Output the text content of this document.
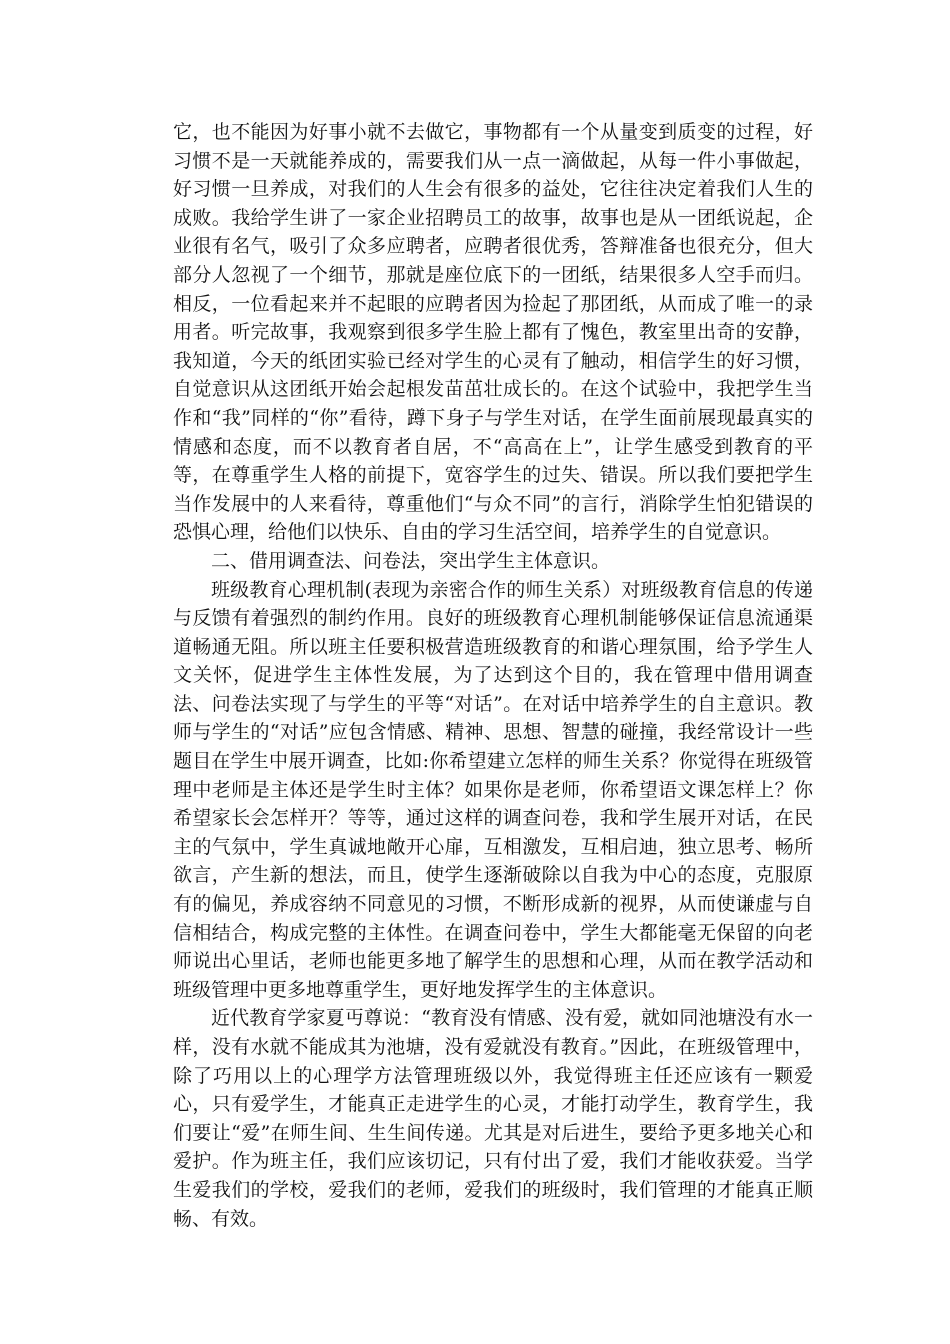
它，也不能因为好事小就不去做它，事物都有一个从量变到质变的过程，好习惯不是一天就能养成的，需要我们从一点一滴做起，从每一件小事做起，好习惯一旦养成，对我们的人生会有很多的益处，它往往决定着我们人生的成败。我给学生讲了一家企业招聘员工的故事，故事也是从一团纸说起，企业很有名气，吸引了众多应聘者，应聘者很优秀，答辩准备也很充分，但大部分人忽视了一个细节，那就是座位底下的一团纸，结果很多人空手而归。相反，一位看起来并不起眼的应聘者因为捡起了那团纸，从而成了唯一的录用者。听完故事，我观察到很多学生脸上都有了愧色，教室里出奇的安静，我知道，今天的纸团实验已经对学生的心灵有了触动，相信学生的好习惯，自觉意识从这团纸开始会起根发苗茁壮成长的。在这个试验中，我把学生当作和“我”同样的“你”看待，蹲下身子与学生对话，在学生面前展现最真实的情感和态度，而不以教育者自居，不“高高在上”，让学生感受到教育的平等，在尊重学生人格的前提下，宽容学生的过失、错误。所以我们要把学生当作发展中的人来看待，尊重他们“与众不同”的言行，消除学生怕犯错误的恐惧心理，给他们以快乐、自由的学习生活空间，培养学生的自觉意识。

二、借用调查法、问卷法，突出学生主体意识。

班级教育心理机制(表现为亲密合作的师生关系）对班级教育信息的传递与反馈有着强烈的制约作用。良好的班级教育心理机制能够保证信息流通渠道畅通无阻。所以班主任要积极营造班级教育的和谐心理氛围，给予学生人文关怀，促进学生主体性发展，为了达到这个目的，我在管理中借用调查法、问卷法实现了与学生的平等“对话”。在对话中培养学生的自主意识。教师与学生的“对话”应包含情感、精神、思想、智慧的碰撞，我经常设计一些题目在学生中展开调查，比如:你希望建立怎样的师生关系？你觉得在班级管理中老师是主体还是学生时主体？如果你是老师，你希望语文课怎样上？你希望家长会怎样开？等等，通过这样的调查问卷，我和学生展开对话，在民主的气氛中，学生真诚地敞开心扉，互相激发，互相启迪，独立思考、畅所欲言，产生新的想法，而且，使学生逐渐破除以自我为中心的态度，克服原有的偏见，养成容纳不同意见的习惯，不断形成新的视界，从而使谦虚与自信相结合，构成完整的主体性。在调查问卷中，学生大都能毫无保留的向老师说出心里话，老师也能更多地了解学生的思想和心理，从而在教学活动和班级管理中更多地尊重学生，更好地发挥学生的主体意识。

近代教育学家夏丏尊说：“教育没有情感、没有爱，就如同池塘没有水一样，没有水就不能成其为池塘，没有爱就没有教育。”因此，在班级管理中，除了巧用以上的心理学方法管理班级以外，我觉得班主任还应该有一颗爱心，只有爱学生，才能真正走进学生的心灵，才能打动学生，教育学生，我们要让“爱”在师生间、生生间传递。尤其是对后进生，要给予更多地关心和爱护。作为班主任，我们应该切记，只有付出了爱，我们才能收获爱。当学生爱我们的学校，爱我们的老师，爱我们的班级时，我们管理的才能真正顺畅、有效。
